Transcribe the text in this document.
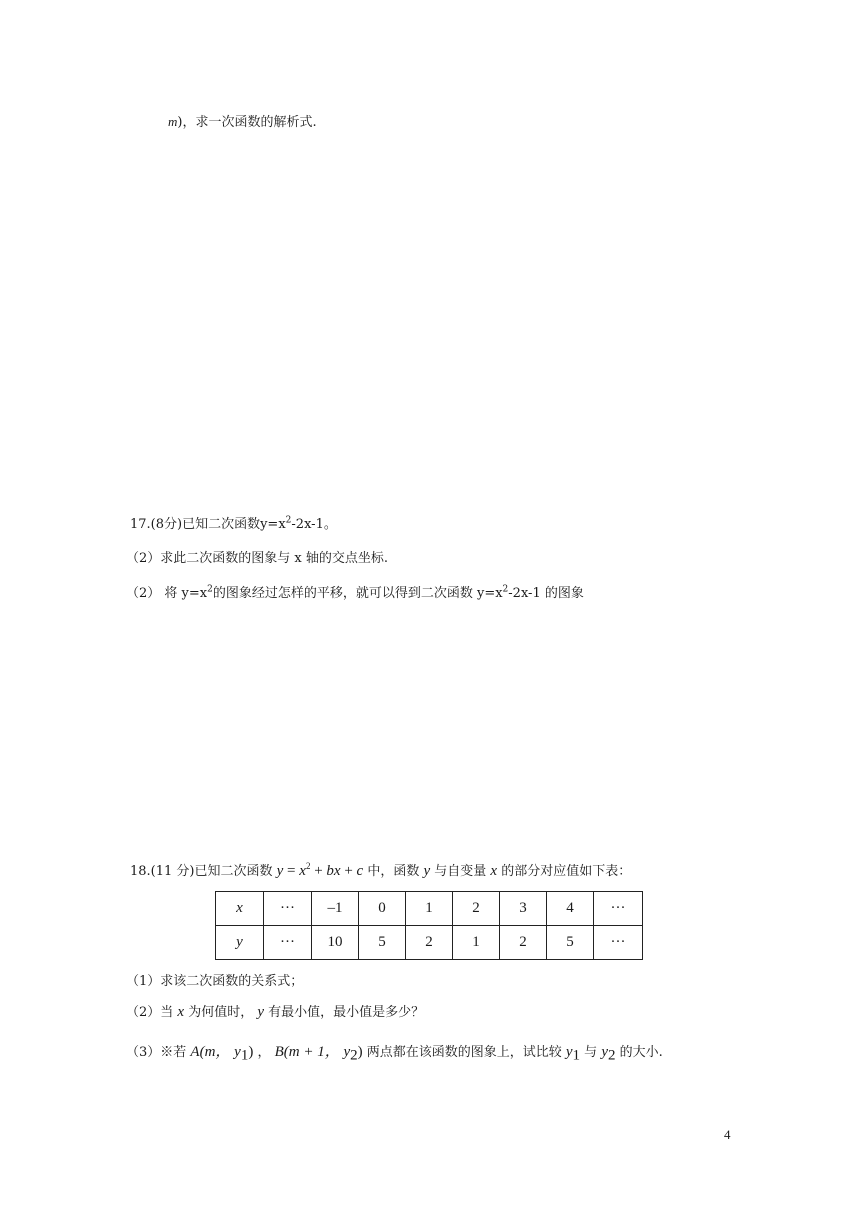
m)，求一次函数的解析式.
17.(8分)已知二次函数$y=x^2-2x-1$。
（2）求此二次函数的图象与 x 轴的交点坐标.
（2） 将 $y=x^2$的图象经过怎样的平移，就可以得到二次函数 $y=x^2-2x-1$ 的图象
18.(11 分)已知二次函数 $y = x^2$ + bx + c 中，函数 y 与自变量 x 的部分对应值如下表：
x	···	–1	0	1	2	3	4	···
y	···	10	5	2	1	2	5	···
（1）求该二次函数的关系式；
（2）当 x 为何值时， y 有最小值，最小值是多少？
（3）※若 A(m， $y_1$) ， B(m + 1， $y_2$) 两点都在该函数的图象上，试比较 $y_1$ 与 $y_2$ 的大小.
4
